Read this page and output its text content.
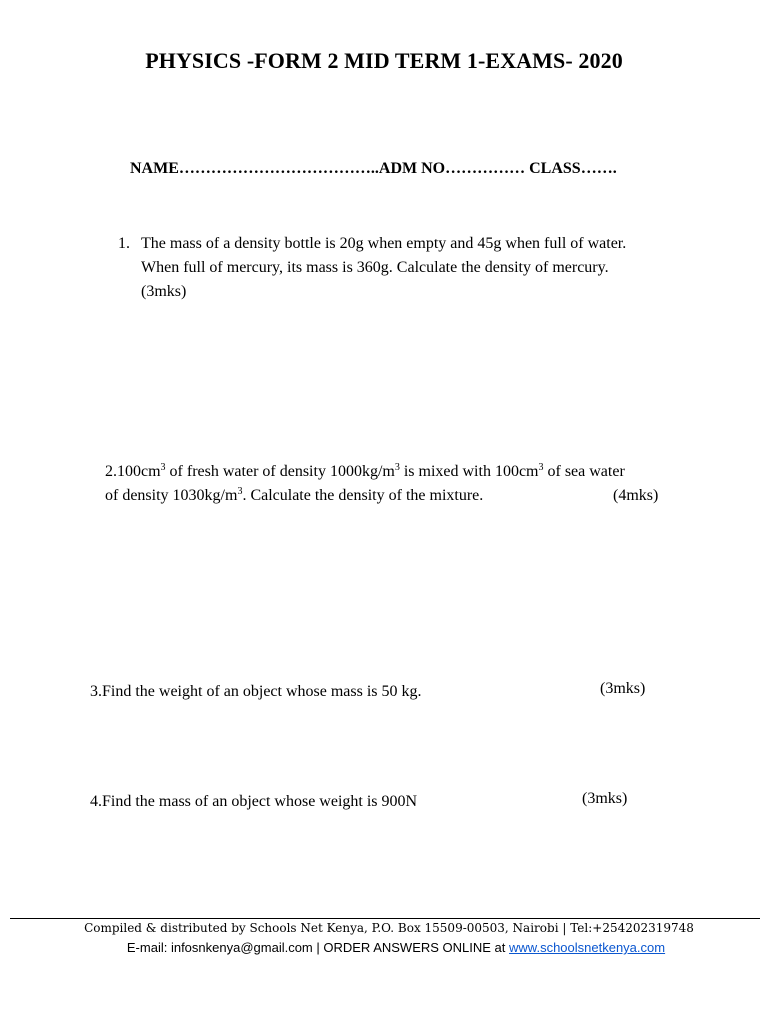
PHYSICS -FORM 2 MID TERM 1-EXAMS- 2020
NAME………………………………..ADM NO…………… CLASS…….
1. The mass of a density bottle is 20g when empty and 45g when full of water.
When full of mercury, its mass is 360g. Calculate the density of mercury.
(3mks)
$2.100cm^3$ of fresh water of density $1000kg/m^3$ is mixed with $100cm^3$ of sea water
of density $1030kg/m^3$. Calculate the density of the mixture.	(4mks)
3.Find the weight of an object whose mass is 50 kg.	(3mks)
4.Find the mass of an object whose weight is 900N	(3mks)
Compiled & distributed by Schools Net Kenya, P.O. Box 15509-00503, Nairobi | Tel:+254202319748
E-mail: infosnkenya@gmail.com | ORDER ANSWERS ONLINE at www.schoolsnetkenya.com
